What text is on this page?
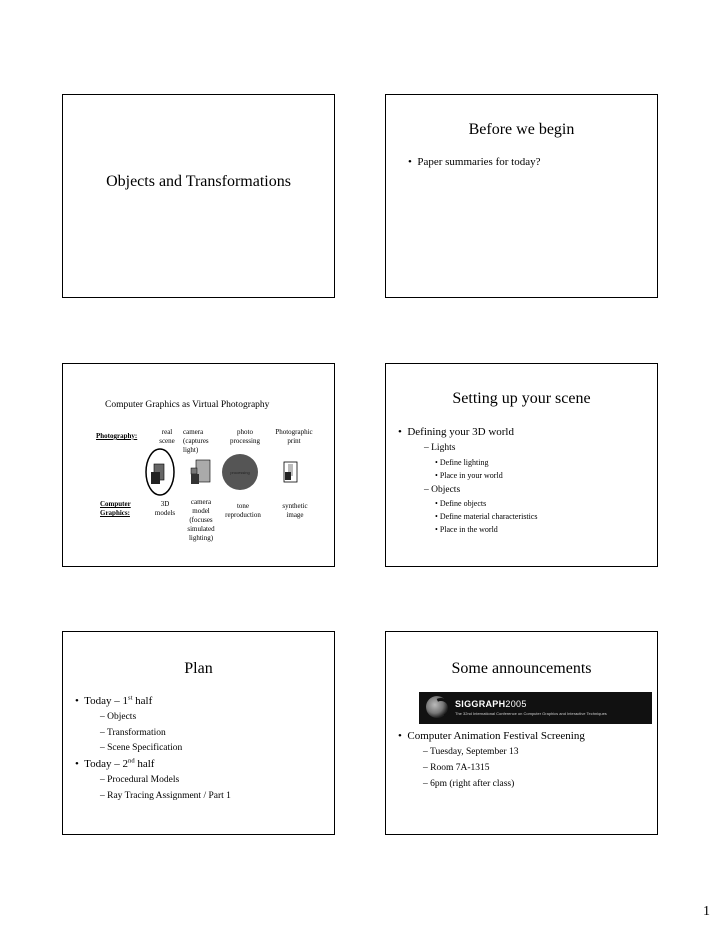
Objects and Transformations
Before we begin
• Paper summaries for today?
Computer Graphics as Virtual Photography
Photography:	real
scene
camera
(captures
light)
photo
processing
Photographic
print
processing
Computer
Graphics:
3D
models
camera
model
(focuses
simulated
lighting)
tone
reproduction
synthetic
image
Setting up your scene
• Defining your 3D world
– Lights
• Define lighting
• Place in your world
– Objects
• Define objects
• Define material characteristics
• Place in the world
Plan
• Today – 1st half
– Objects
– Transformation
– Scene Specification
• Today – 2nd half
– Procedural Models
– Ray Tracing Assignment / Part 1
Some announcements
SIGGRAPH2005
The 32nd International Conference on Computer Graphics and Interactive Techniques
• Computer Animation Festival Screening
– Tuesday, September 13
– Room 7A-1315
– 6pm (right after class)
1
